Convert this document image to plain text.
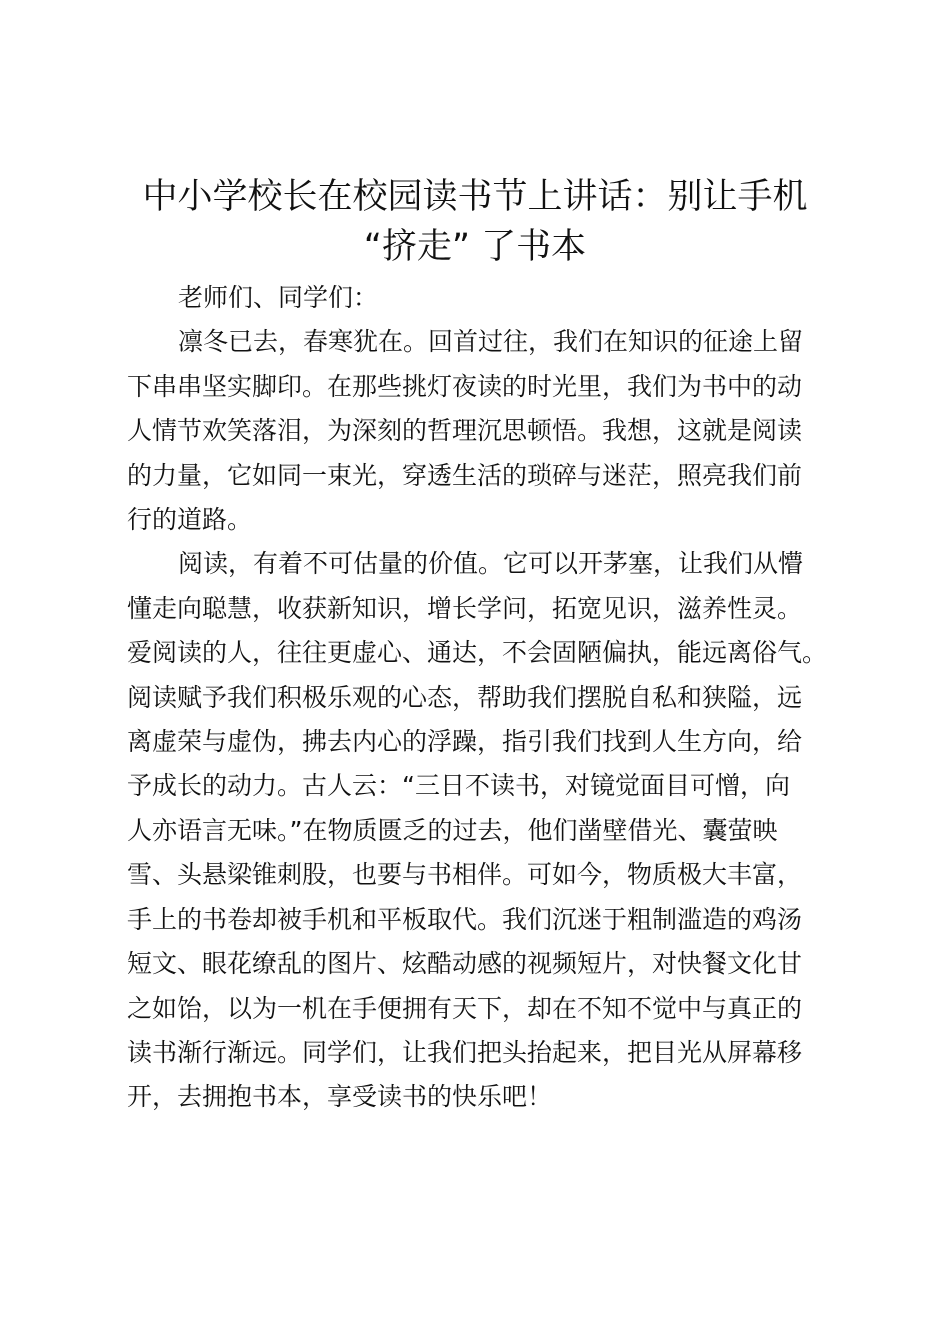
中小学校长在校园读书节上讲话：别让手机
“挤走” 了书本

老师们、同学们：

凛冬已去，春寒犹在。回首过往，我们在知识的征途上留
下串串坚实脚印。在那些挑灯夜读的时光里，我们为书中的动
人情节欢笑落泪，为深刻的哲理沉思顿悟。我想，这就是阅读
的力量，它如同一束光，穿透生活的琐碎与迷茫，照亮我们前
行的道路。

阅读，有着不可估量的价值。它可以开茅塞，让我们从懵
懂走向聪慧，收获新知识，增长学问，拓宽见识，滋养性灵。
爱阅读的人，往往更虚心、通达，不会固陋偏执，能远离俗气。
阅读赋予我们积极乐观的心态，帮助我们摆脱自私和狭隘，远
离虚荣与虚伪，拂去内心的浮躁，指引我们找到人生方向，给
予成长的动力。古人云：“三日不读书，对镜觉面目可憎，向
人亦语言无味。”在物质匮乏的过去，他们凿壁借光、囊萤映
雪、头悬梁锥刺股，也要与书相伴。可如今，物质极大丰富，
手上的书卷却被手机和平板取代。我们沉迷于粗制滥造的鸡汤
短文、眼花缭乱的图片、炫酷动感的视频短片，对快餐文化甘
之如饴，以为一机在手便拥有天下，却在不知不觉中与真正的
读书渐行渐远。同学们，让我们把头抬起来，把目光从屏幕移
开，去拥抱书本，享受读书的快乐吧！
